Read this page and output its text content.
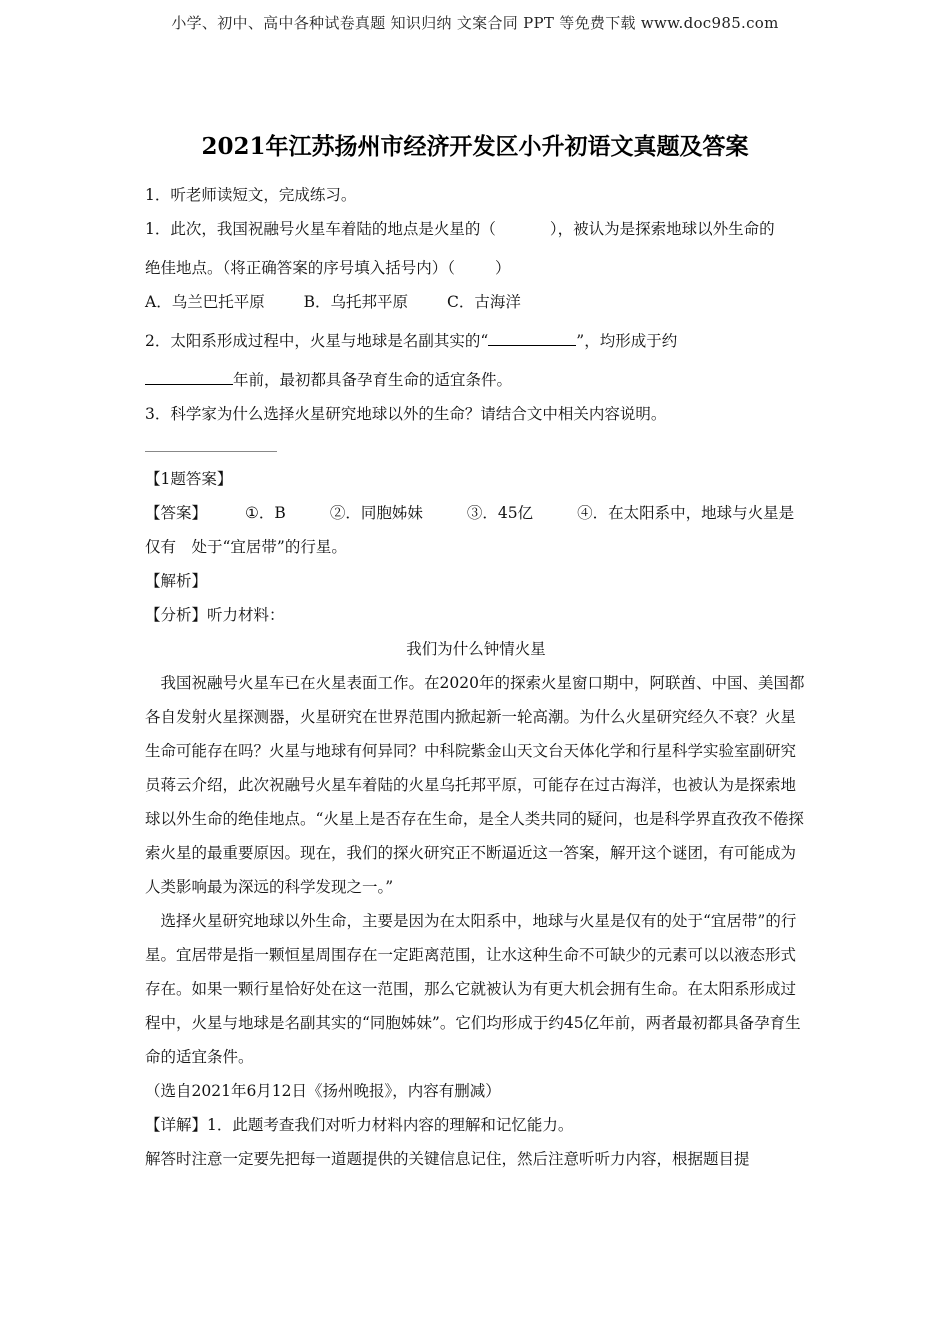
小学、初中、高中各种试卷真题 知识归纳 文案合同 PPT 等免费下载 www.doc985.com
2021年江苏扬州市经济开发区小升初语文真题及答案

1．听老师读短文，完成练习。

1．此次，我国祝融号火星车着陆的地点是火星的（	），被认为是探索地球以外生命的

绝佳地点。（将正确答案的序号填入括号内）（	）

A．乌兰巴托平原	B．乌托邦平原	C．古海洋

2．太阳系形成过程中，火星与地球是名副其实的“	”，均形成于约

年前，最初都具备孕育生命的适宜条件。

3．科学家为什么选择火星研究地球以外的生命？请结合文中相关内容说明。

【1题答案】

【答案】 ①．B	②．同胞姊妹	③．45亿	④．在太阳系中，地球与火星是

仅有　处于“宜居带”的行星。

【解析】

【分析】听力材料：

我们为什么钟情火星

我国祝融号火星车已在火星表面工作。在2020年的探索火星窗口期中，阿联酋、中国、美国都各自发射火星探测器，火星研究在世界范围内掀起新一轮高潮。为什么火星研究经久不衰？火星生命可能存在吗？火星与地球有何异同？中科院紫金山天文台天体化学和行星科学实验室副研究员蒋云介绍，此次祝融号火星车着陆的火星乌托邦平原，可能存在过古海洋，也被认为是探索地球以外生命的绝佳地点。“火星上是否存在生命，是全人类共同的疑问，也是科学界直孜孜不倦探索火星的最重要原因。现在，我们的探火研究正不断逼近这一答案，解开这个谜团，有可能成为人类影响最为深远的科学发现之一。”

选择火星研究地球以外生命，主要是因为在太阳系中，地球与火星是仅有的处于“宜居带”的行星。宜居带是指一颗恒星周围存在一定距离范围，让水这种生命不可缺少的元素可以以液态形式存在。如果一颗行星恰好处在这一范围，那么它就被认为有更大机会拥有生命。在太阳系形成过程中，火星与地球是名副其实的“同胞姊妹”。它们均形成于约45亿年前，两者最初都具备孕育生命的适宜条件。

（选自2021年6月12日《扬州晚报》，内容有删减）

【详解】1．此题考查我们对听力材料内容的理解和记忆能力。

解答时注意一定要先把每一道题提供的关键信息记住，然后注意听听力内容，根据题目提
